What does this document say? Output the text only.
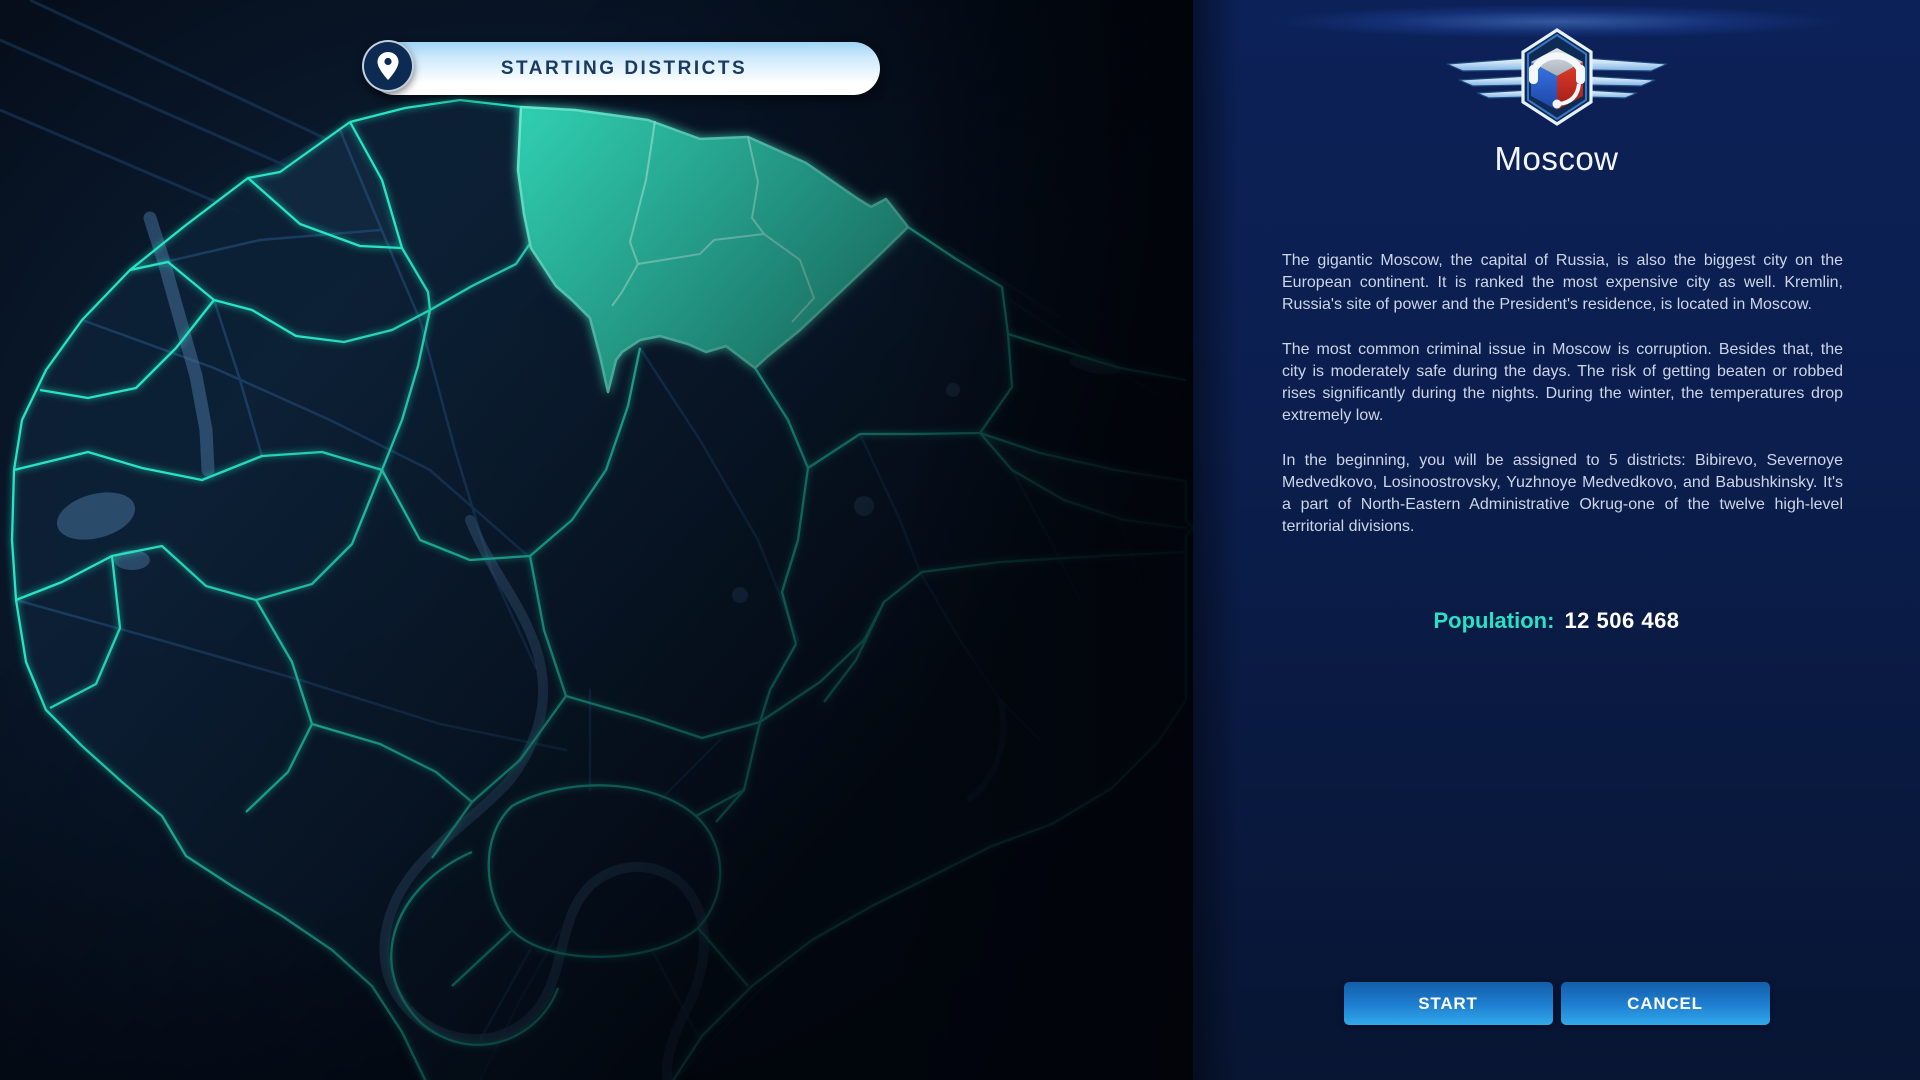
STARTING DISTRICTS
Moscow

The gigantic Moscow, the capital of Russia, is also the biggest city on the European continent. It is ranked the most expensive city as well. Kremlin, Russia's site of power and the President's residence, is located in Moscow.

The most common criminal issue in Moscow is corruption. Besides that, the city is moderately safe during the days. The risk of getting beaten or robbed rises significantly during the nights. During the winter, the temperatures drop extremely low.

In the beginning, you will be assigned to 5 districts: Bibirevo, Severnoye Medvedkovo, Losinoostrovsky, Yuzhnoye Medvedkovo, and Babushkinsky. It's a part of North-Eastern Administrative Okrug-one of the twelve high-level territorial divisions.

Population: 12 506 468
START	CANCEL
